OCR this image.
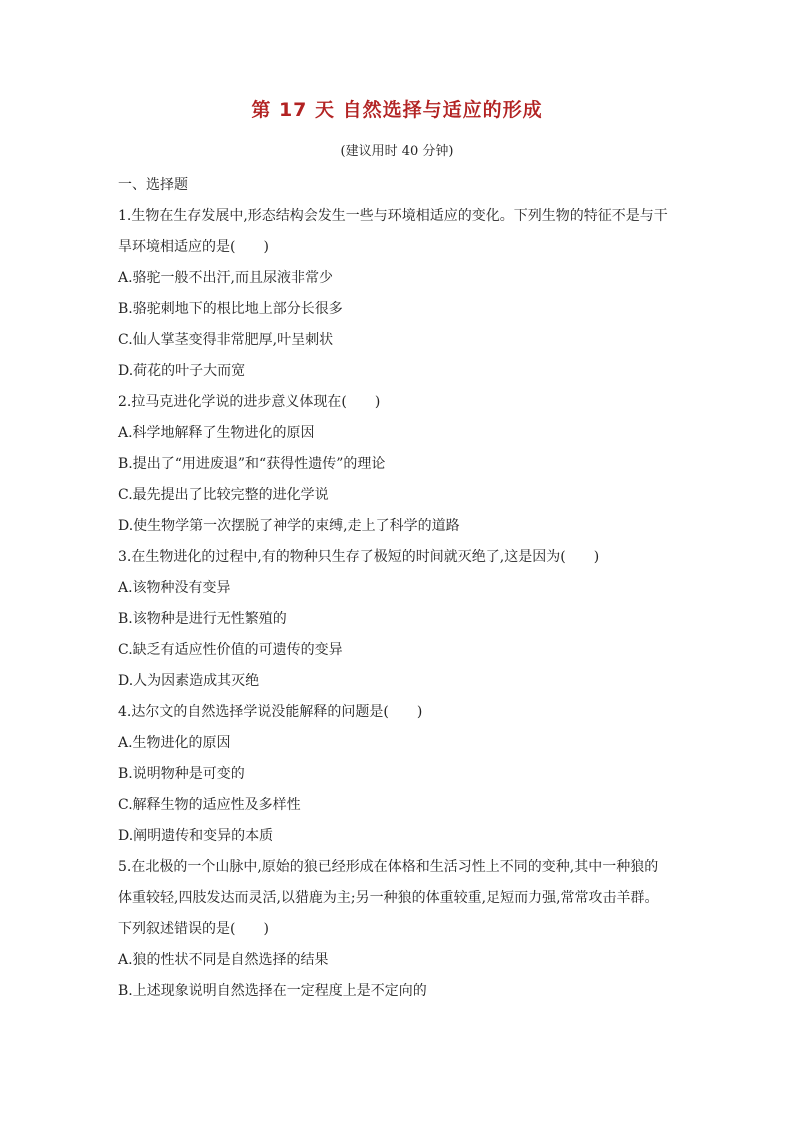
第 17 天 自然选择与适应的形成
(建议用时 40 分钟)
一、选择题
1.生物在生存发展中,形态结构会发生一些与环境相适应的变化。下列生物的特征不是与干
旱环境相适应的是(　　)
A.骆驼一般不出汗,而且尿液非常少
B.骆驼刺地下的根比地上部分长很多
C.仙人掌茎变得非常肥厚,叶呈刺状
D.荷花的叶子大而宽
2.拉马克进化学说的进步意义体现在(　　)
A.科学地解释了生物进化的原因
B.提出了“用进废退”和“获得性遗传”的理论
C.最先提出了比较完整的进化学说
D.使生物学第一次摆脱了神学的束缚,走上了科学的道路
3.在生物进化的过程中,有的物种只生存了极短的时间就灭绝了,这是因为(　　)
A.该物种没有变异
B.该物种是进行无性繁殖的
C.缺乏有适应性价值的可遗传的变异
D.人为因素造成其灭绝
4.达尔文的自然选择学说没能解释的问题是(　　)
A.生物进化的原因
B.说明物种是可变的
C.解释生物的适应性及多样性
D.阐明遗传和变异的本质
5.在北极的一个山脉中,原始的狼已经形成在体格和生活习性上不同的变种,其中一种狼的
体重较轻,四肢发达而灵活,以猎鹿为主;另一种狼的体重较重,足短而力强,常常攻击羊群。
下列叙述错误的是(　　)
A.狼的性状不同是自然选择的结果
B.上述现象说明自然选择在一定程度上是不定向的
